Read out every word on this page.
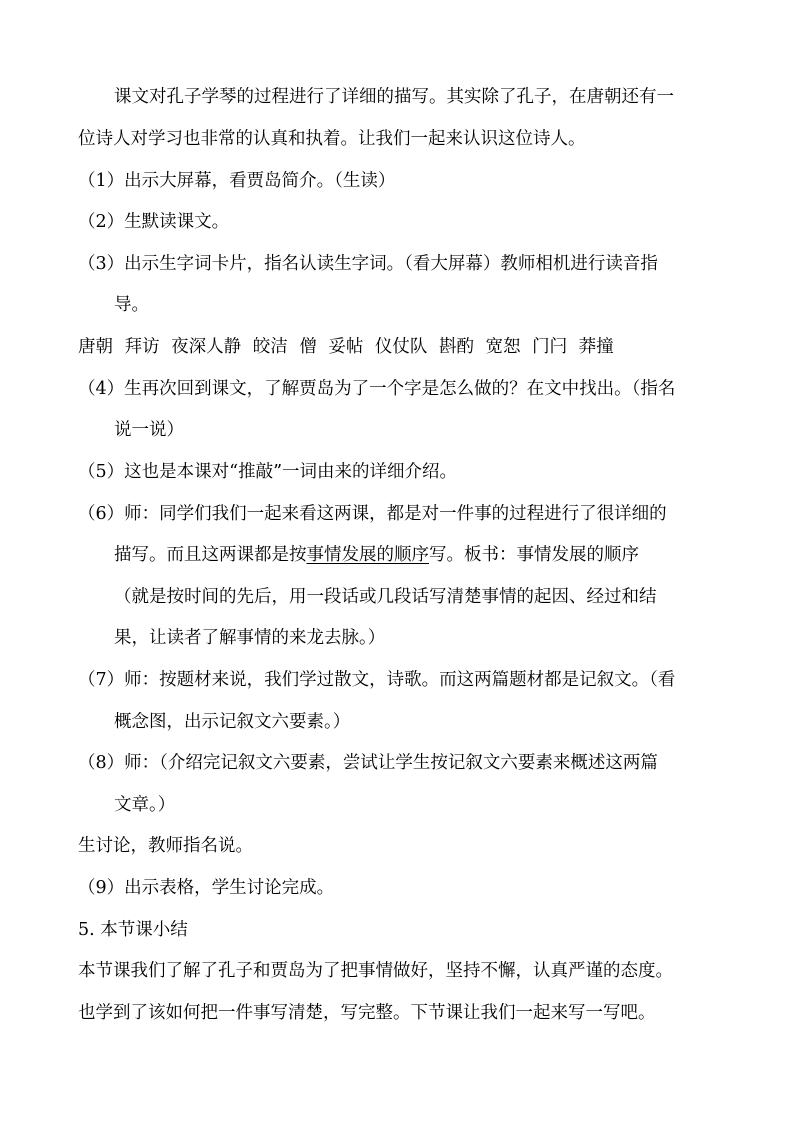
课文对孔子学琴的过程进行了详细的描写。其实除了孔子，在唐朝还有一
位诗人对学习也非常的认真和执着。让我们一起来认识这位诗人。
（1）出示大屏幕，看贾岛简介。（生读）
（2）生默读课文。
（3）出示生字词卡片，指名认读生字词。（看大屏幕）教师相机进行读音指
导。
唐朝 拜访 夜深人静 皎洁 僧 妥帖 仪仗队 斟酌 宽恕 门闩 莽撞
（4）生再次回到课文，了解贾岛为了一个字是怎么做的？在文中找出。（指名
说一说）
（5）这也是本课对“推敲”一词由来的详细介绍。
（6）师：同学们我们一起来看这两课，都是对一件事的过程进行了很详细的
描写。而且这两课都是按事情发展的顺序写。板书：事情发展的顺序
（就是按时间的先后，用一段话或几段话写清楚事情的起因、经过和结
果，让读者了解事情的来龙去脉。）
（7）师：按题材来说，我们学过散文，诗歌。而这两篇题材都是记叙文。（看
概念图，出示记叙文六要素。）
（8）师：（介绍完记叙文六要素，尝试让学生按记叙文六要素来概述这两篇
文章。）
生讨论，教师指名说。
（9）出示表格，学生讨论完成。
5. 本节课小结
本节课我们了解了孔子和贾岛为了把事情做好，坚持不懈，认真严谨的态度。
也学到了该如何把一件事写清楚，写完整。下节课让我们一起来写一写吧。
